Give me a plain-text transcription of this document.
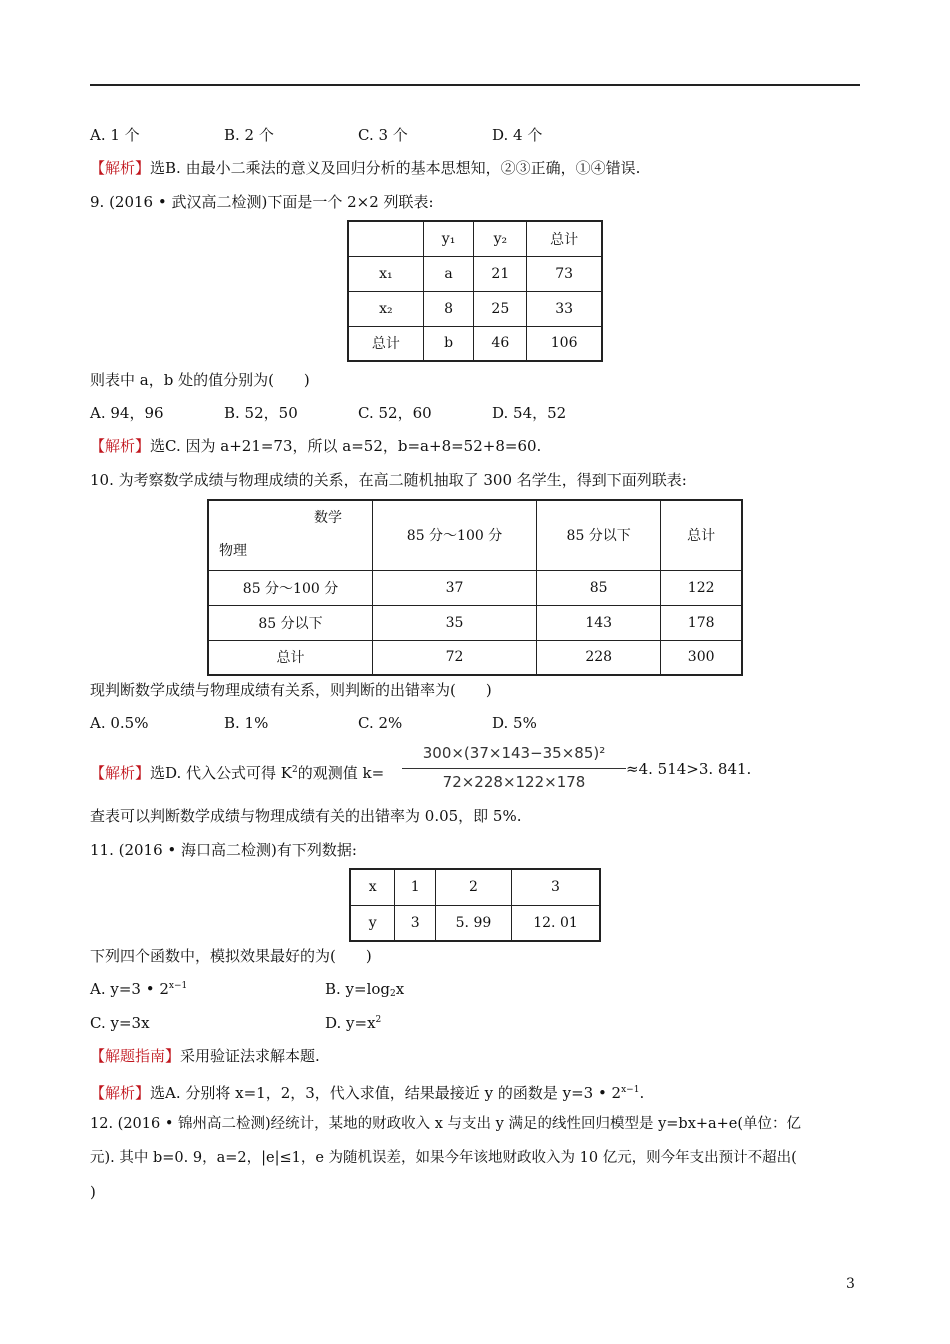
A. 1 个	B. 2 个	C. 3 个	D. 4 个
【解析】选B. 由最小二乘法的意义及回归分析的基本思想知，②③正确，①④错误.
9. (2016 • 武汉高二检测)下面是一个 2×2 列联表:
	y₁	y₂	总计
x₁	a	21	73
x₂	8	25	33
总计	b	46	106
则表中 a，b 处的值分别为(　　)
A. 94，96	B. 52，50	C. 52，60	D. 54，52
【解析】选C. 因为 a+21=73，所以 a=52，b=a+8=52+8=60.
10. 为考察数学成绩与物理成绩的关系，在高二随机抽取了 300 名学生，得到下面列联表:
数学
物理	85 分～100 分	85 分以下	总计
85 分～100 分	37	85	122
85 分以下	35	143	178
总计	72	228	300
现判断数学成绩与物理成绩有关系，则判断的出错率为(　　)
A. 0.5%	B. 1%	C. 2%	D. 5%
【解析】选D. 代入公式可得 $K^2$的观测值 k=
300×(37×143−35×85)²
72×228×122×178
≈4. 514>3. 841.
查表可以判断数学成绩与物理成绩有关的出错率为 0.05，即 5%.
11. (2016 • 海口高二检测)有下列数据:
x	1	2	3
y	3	5. 99	12. 01
下列四个函数中，模拟效果最好的为(　　)
A. y=3 • $2^{x-1}$	B. $y=\log_2x$
C. y=3x	D. $y=x^2$
【解题指南】采用验证法求解本题.
【解析】选A. 分别将 x=1，2，3，代入求值，结果最接近 y 的函数是 y=3 • $2^{x-1}$.
12. (2016 • 锦州高二检测)经统计，某地的财政收入 x 与支出 y 满足的线性回归模型是 y=bx+a+e(单位：亿
元). 其中 b=0. 9，a=2，|e|≤1，e 为随机误差，如果今年该地财政收入为 10 亿元，则今年支出预计不超出(
)
3
